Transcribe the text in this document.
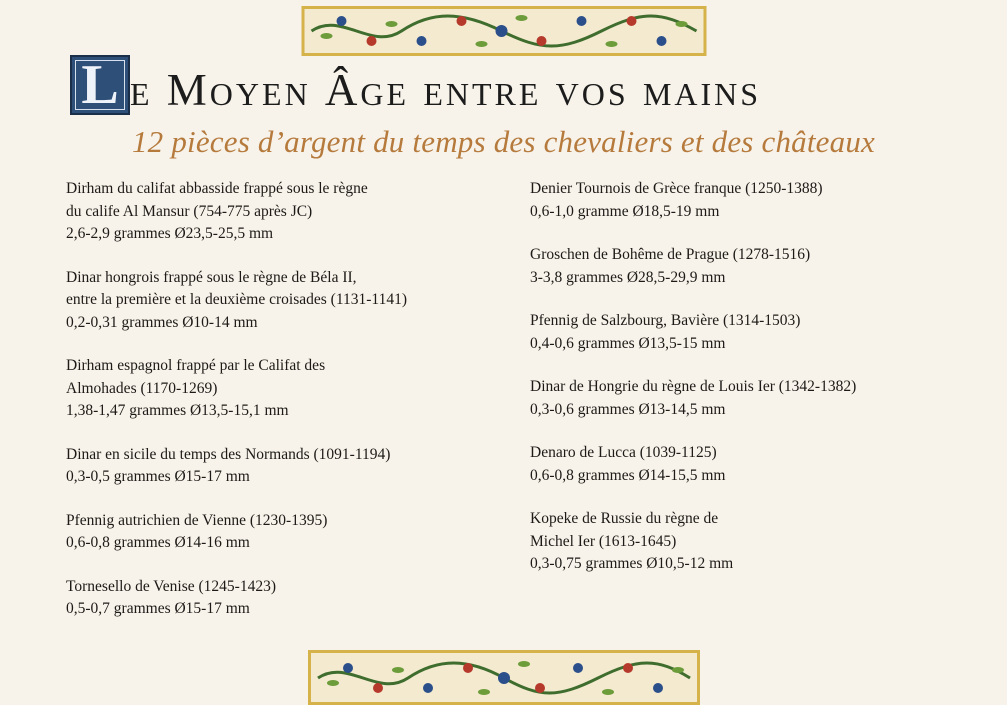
L e Moyen Âge entre vos mains
12 pièces d’argent du temps des chevaliers et des châteaux
Dirham du califat abbasside frappé sous le règne
du calife Al Mansur (754-775 après JC)
2,6-2,9 grammes Ø23,5-25,5 mm
Dinar hongrois frappé sous le règne de Béla II,
entre la première et la deuxième croisades (1131-1141)
0,2-0,31 grammes Ø10-14 mm
Dirham espagnol frappé par le Califat des
Almohades (1170-1269)
1,38-1,47 grammes Ø13,5-15,1 mm
Dinar en sicile du temps des Normands (1091-1194)
0,3-0,5 grammes Ø15-17 mm
Pfennig autrichien de Vienne (1230-1395)
0,6-0,8 grammes Ø14-16 mm
Tornesello de Venise (1245-1423)
0,5-0,7 grammes Ø15-17 mm
Denier Tournois de Grèce franque (1250-1388)
0,6-1,0 gramme Ø18,5-19 mm
Groschen de Bohême de Prague (1278-1516)
3-3,8 grammes Ø28,5-29,9 mm
Pfennig de Salzbourg, Bavière (1314-1503)
0,4-0,6 grammes Ø13,5-15 mm
Dinar de Hongrie du règne de Louis Ier (1342-1382)
0,3-0,6 grammes Ø13-14,5 mm
Denaro de Lucca (1039-1125)
0,6-0,8 grammes Ø14-15,5 mm
Kopeke de Russie du règne de
Michel Ier (1613-1645)
0,3-0,75 grammes Ø10,5-12 mm
